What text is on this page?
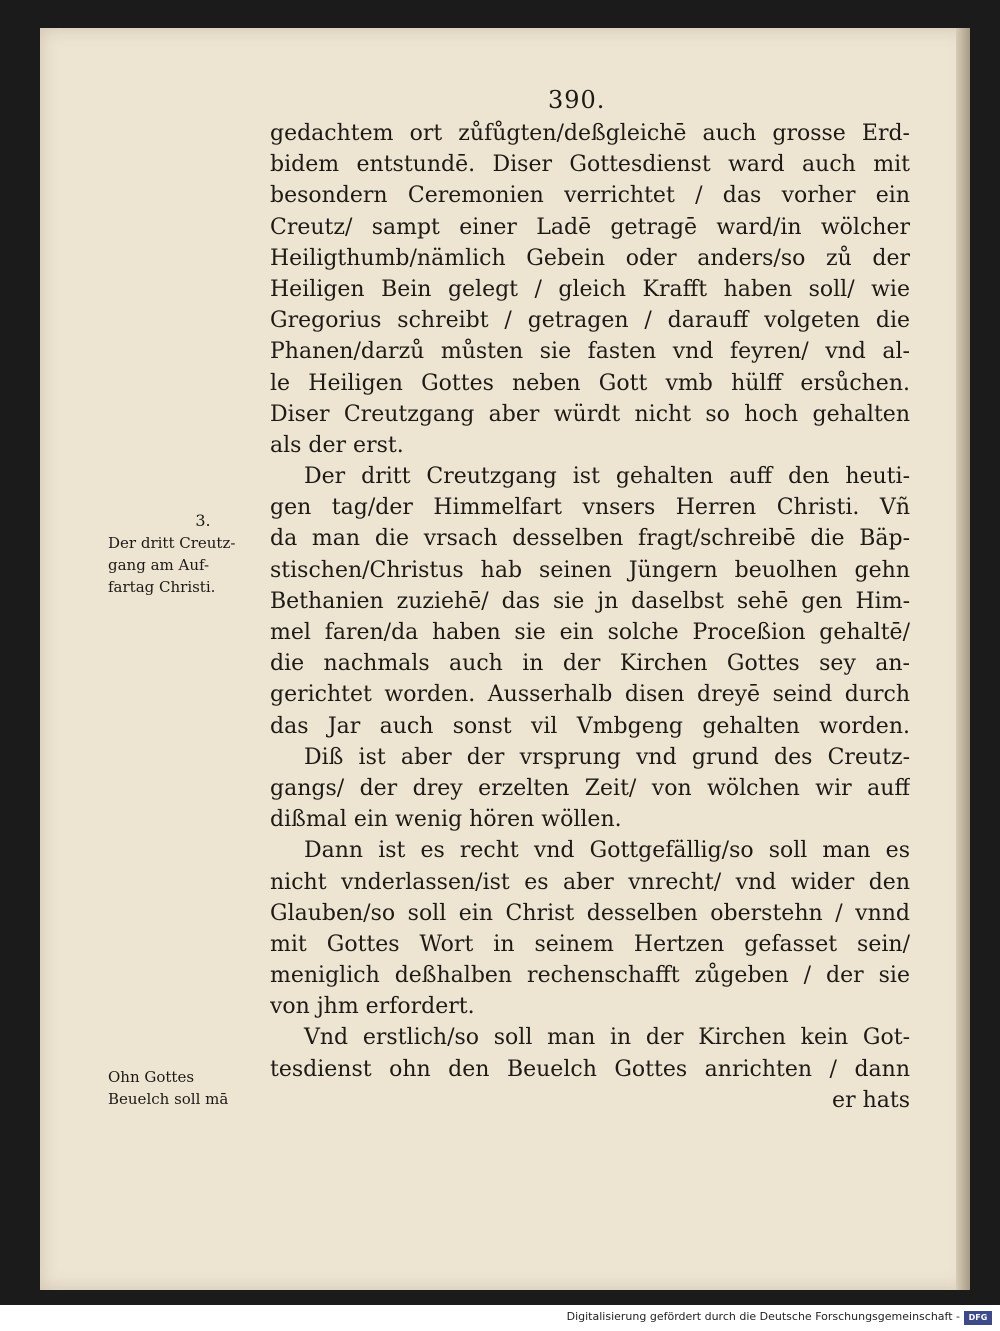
390.
gedachtem ort zůfůgten/deßgleichē auch grosse Erd-
bidem entstundē. Diser Gottesdienst ward auch mit
besondern Ceremonien verrichtet / das vorher ein
Creutz/ sampt einer Ladē getragē ward/in wölcher
Heiligthumb/nämlich Gebein oder anders/so zů der
Heiligen Bein gelegt / gleich Krafft haben soll/ wie
Gregorius schreibt / getragen / darauff volgeten die
Phanen/darzů můsten sie fasten vnd feyren/ vnd al-
le Heiligen Gottes neben Gott vmb hülff ersůchen.
Diser Creutzgang aber würdt nicht so hoch gehalten
als der erst.
Der dritt Creutzgang ist gehalten auff den heuti-
gen tag/der Himmelfart vnsers Herren Christi. Vñ
da man die vrsach desselben fragt/schreibē die Bäp-
stischen/Christus hab seinen Jüngern beuolhen gehn
Bethanien zuziehē/ das sie jn daselbst sehē gen Him-
mel faren/da haben sie ein solche Proceßion gehaltē/
die nachmals auch in der Kirchen Gottes sey an-
gerichtet worden. Ausserhalb disen dreyē seind durch
das Jar auch sonst vil Vmbgeng gehalten worden.
Diß ist aber der vrsprung vnd grund des Creutz-
gangs/ der drey erzelten Zeit/ von wölchen wir auff
dißmal ein wenig hören wöllen.
Dann ist es recht vnd Gottgefällig/so soll man es
nicht vnderlassen/ist es aber vnrecht/ vnd wider den
Glauben/so soll ein Christ desselben oberstehn / vnnd
mit Gottes Wort in seinem Hertzen gefasset sein/
meniglich deßhalben rechenschafft zůgeben / der sie
von jhm erfordert.
Vnd erstlich/so soll man in der Kirchen kein Got-
tesdienst ohn den Beuelch Gottes anrichten / dann
er hats
3.
Der dritt Creutz-
gang am Auf-
fartag Christi.
Ohn Gottes
Beuelch soll mā
Digitalisierung gefördert durch die Deutsche Forschungsgemeinschaft -	DFG
